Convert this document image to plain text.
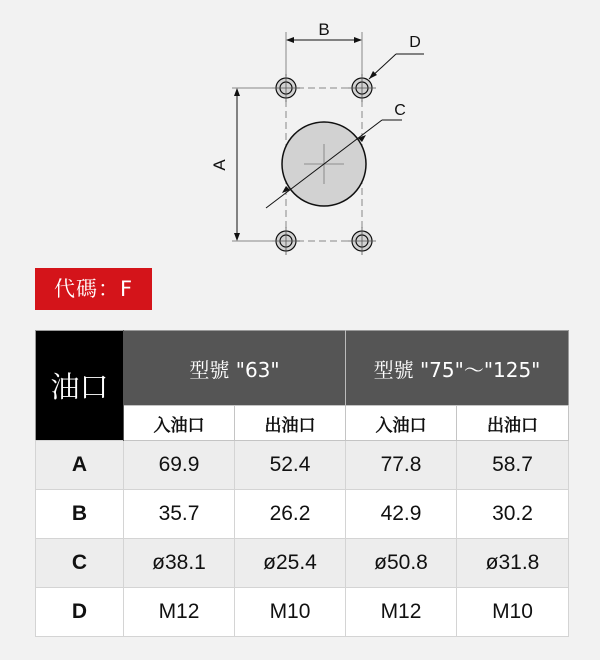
B
A
C
D
代碼：F
油口	型號 "63"		型號 "75"～"125"	
	入油口	出油口	入油口	出油口
A	69.9	52.4	77.8	58.7
B	35.7	26.2	42.9	30.2
C	ø38.1	ø25.4	ø50.8	ø31.8
D	M12	M10	M12	M10
